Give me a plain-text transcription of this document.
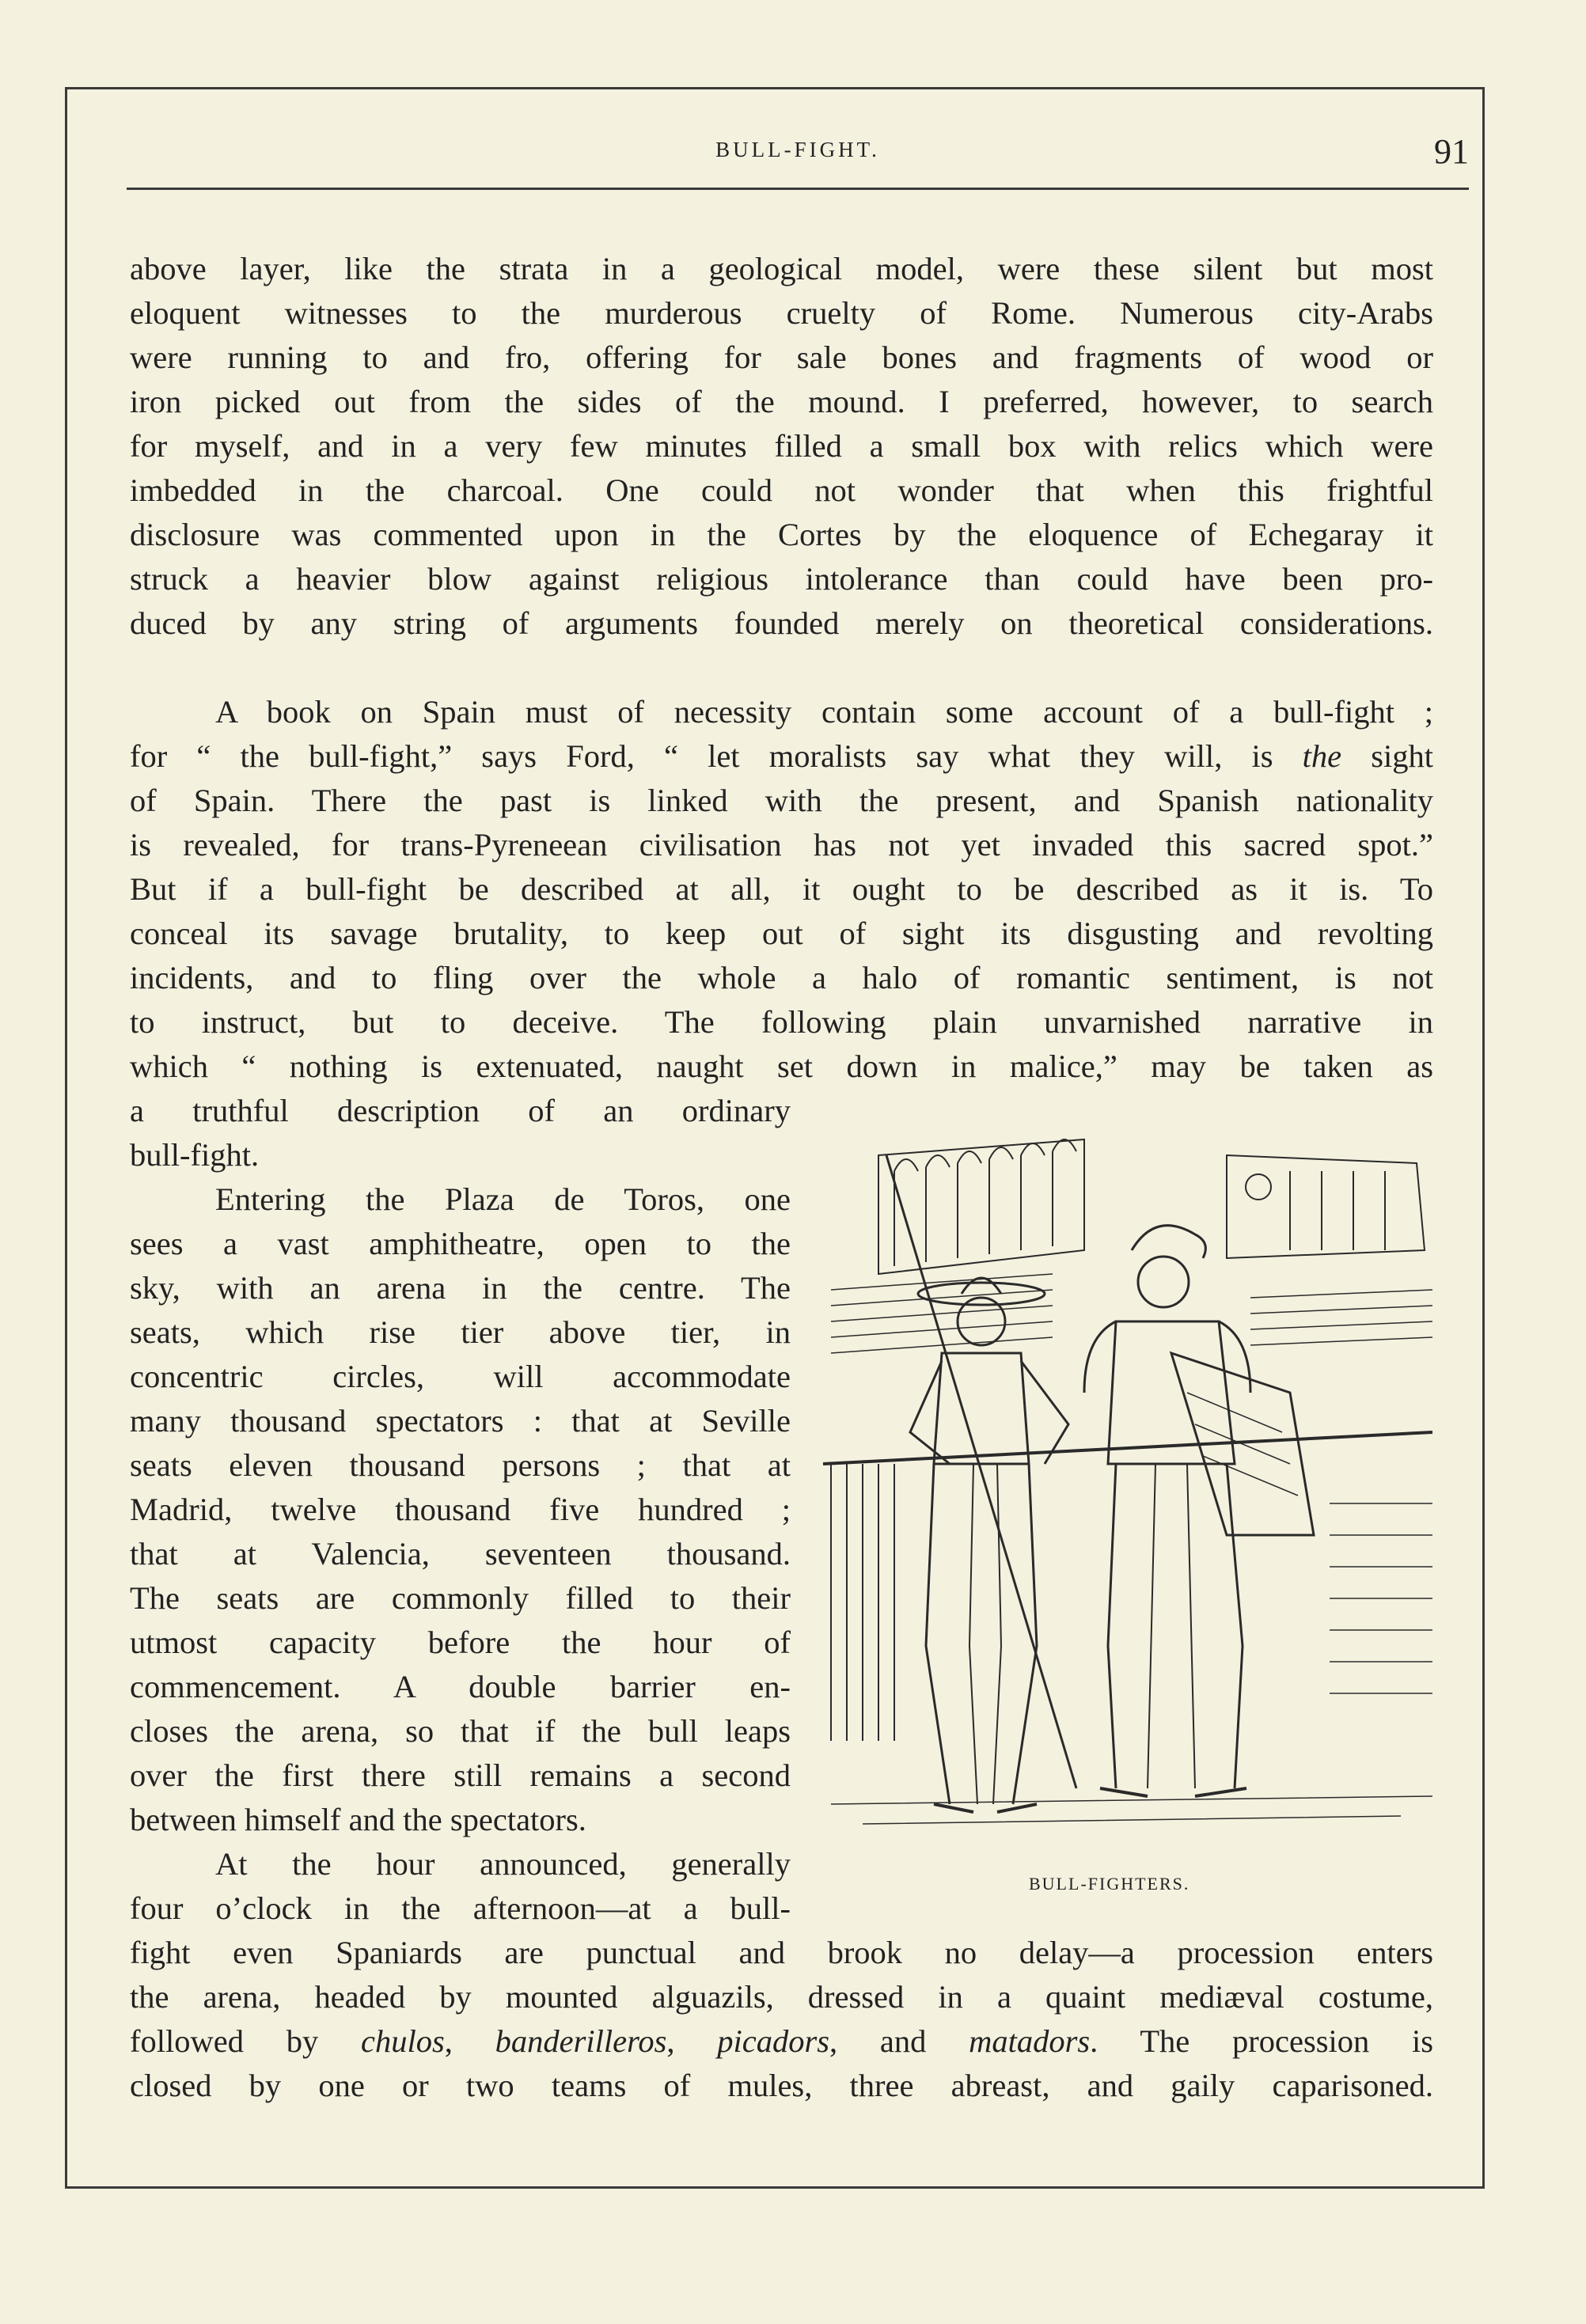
BULL-FIGHT.	91
above layer, like the strata in a geological model, were these silent but most
eloquent witnesses to the murderous cruelty of Rome. Numerous city-Arabs
were running to and fro, offering for sale bones and fragments of wood or
iron picked out from the sides of the mound. I preferred, however, to search
for myself, and in a very few minutes filled a small box with relics which were
imbedded in the charcoal. One could not wonder that when this frightful
disclosure was commented upon in the Cortes by the eloquence of Echegaray it
struck a heavier blow against religious intolerance than could have been pro-
duced by any string of arguments founded merely on theoretical considerations.
A book on Spain must of necessity contain some account of a bull-fight ;
for “ the bull-fight,” says Ford, “ let moralists say what they will, is the sight
of Spain. There the past is linked with the present, and Spanish nationality
is revealed, for trans-Pyreneean civilisation has not yet invaded this sacred spot.”
But if a bull-fight be described at all, it ought to be described as it is. To
conceal its savage brutality, to keep out of sight its disgusting and revolting
incidents, and to fling over the whole a halo of romantic sentiment, is not
to instruct, but to deceive. The following plain unvarnished narrative in
which “ nothing is extenuated, naught set down in malice,” may be taken as
a truthful description of an ordinary
bull-fight.
Entering the Plaza de Toros, one
sees a vast amphitheatre, open to the
sky, with an arena in the centre. The
seats, which rise tier above tier, in
concentric circles, will accommodate
many thousand spectators : that at Seville
seats eleven thousand persons ; that at
Madrid, twelve thousand five hundred ;
that at Valencia, seventeen thousand.
The seats are commonly filled to their
utmost capacity before the hour of
commencement. A double barrier en-
closes the arena, so that if the bull leaps
over the first there still remains a second
between himself and the spectators.
At the hour announced, generally
four o’clock in the afternoon—at a bull-
fight even Spaniards are punctual and brook no delay—a procession enters
the arena, headed by mounted alguazils, dressed in a quaint mediæval costume,
followed by chulos, banderilleros, picadors, and matadors. The procession is
closed by one or two teams of mules, three abreast, and gaily caparisoned.
BULL-FIGHTERS.
